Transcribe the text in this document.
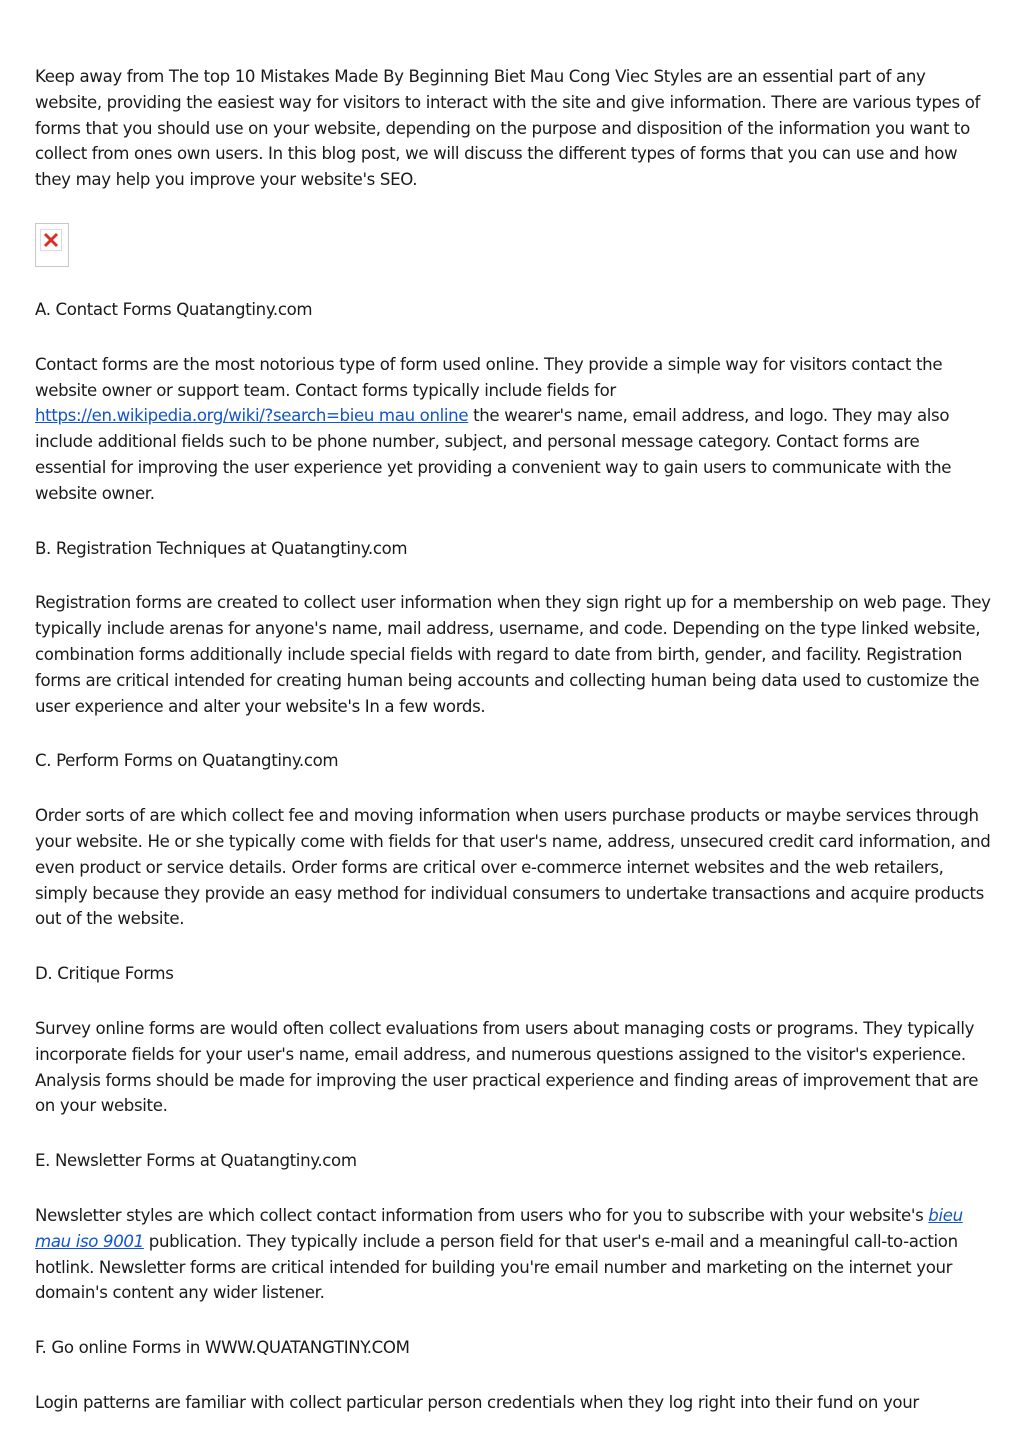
Keep away from The top 10 Mistakes Made By Beginning Biet Mau Cong Viec Styles are an essential part of any website, providing the easiest way for visitors to interact with the site and give information. There are various types of forms that you should use on your website, depending on the purpose and disposition of the information you want to collect from ones own users. In this blog post, we will discuss the different types of forms that you can use and how they may help you improve your website's SEO.

A. Contact Forms Quatangtiny.com

Contact forms are the most notorious type of form used online. They provide a simple way for visitors contact the website owner or support team. Contact forms typically include fields for
https://en.wikipedia.org/wiki/?search=bieu mau online the wearer's name, email address, and logo. They may also include additional fields such to be phone number, subject, and personal message category. Contact forms are essential for improving the user experience yet providing a convenient way to gain users to communicate with the website owner.

B. Registration Techniques at Quatangtiny.com

Registration forms are created to collect user information when they sign right up for a membership on web page. They typically include arenas for anyone's name, mail address, username, and code. Depending on the type linked website, combination forms additionally include special fields with regard to date from birth, gender, and facility. Registration forms are critical intended for creating human being accounts and collecting human being data used to customize the user experience and alter your website's In a few words.

C. Perform Forms on Quatangtiny.com

Order sorts of are which collect fee and moving information when users purchase products or maybe services through your website. He or she typically come with fields for that user's name, address, unsecured credit card information, and even product or service details. Order forms are critical over e-commerce internet websites and the web retailers, simply because they provide an easy method for individual consumers to undertake transactions and acquire products out of the website.

D. Critique Forms

Survey online forms are would often collect evaluations from users about managing costs or programs. They typically incorporate fields for your user's name, email address, and numerous questions assigned to the visitor's experience. Analysis forms should be made for improving the user practical experience and finding areas of improvement that are on your website.

E. Newsletter Forms at Quatangtiny.com

Newsletter styles are which collect contact information from users who for you to subscribe with your website's bieu mau iso 9001 publication. They typically include a person field for that user's e-mail and a meaningful call-to-action hotlink. Newsletter forms are critical intended for building you're email number and marketing on the internet your domain's content any wider listener.

F. Go online Forms in WWW.QUATANGTINY.COM

Login patterns are familiar with collect particular person credentials when they log right into their fund on your
